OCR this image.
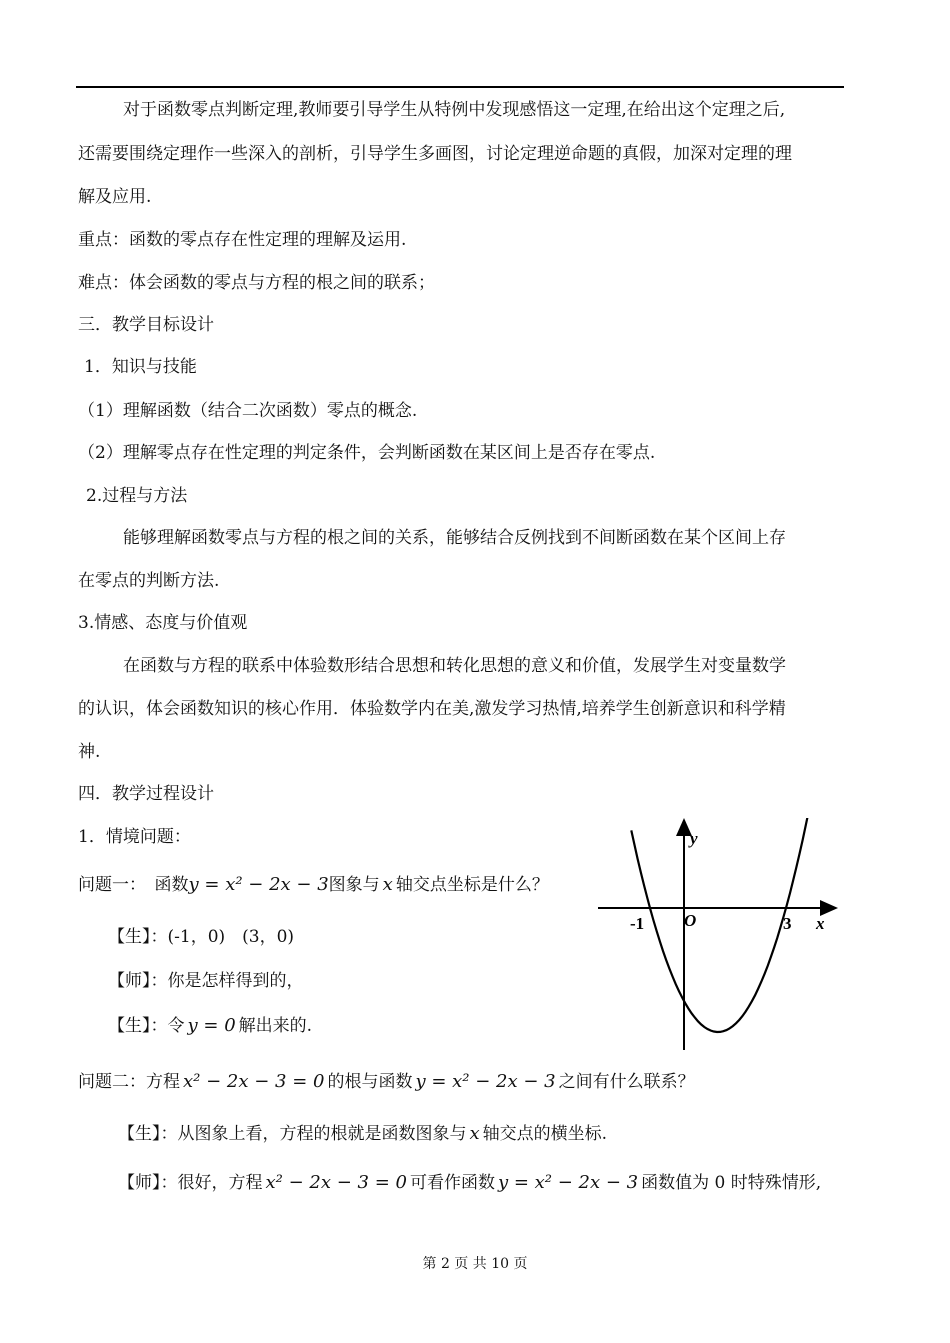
对于函数零点判断定理,教师要引导学生从特例中发现感悟这一定理,在给出这个定理之后,
还需要围绕定理作一些深入的剖析，引导学生多画图，讨论定理逆命题的真假，加深对定理的理
解及应用.
重点：函数的零点存在性定理的理解及运用.
难点：体会函数的零点与方程的根之间的联系；
三．教学目标设计
1．知识与技能
（1）理解函数（结合二次函数）零点的概念.
（2）理解零点存在性定理的判定条件，会判断函数在某区间上是否存在零点.
2.过程与方法
能够理解函数零点与方程的根之间的关系，能够结合反例找到不间断函数在某个区间上存
在零点的判断方法.
3.情感、态度与价值观
在函数与方程的联系中体验数形结合思想和转化思想的意义和价值，发展学生对变量数学
的认识，体会函数知识的核心作用．体验数学内在美,激发学习热情,培养学生创新意识和科学精
神.
四．教学过程设计
1．情境问题：
问题一：　函数y = x² − 2x − 3图象与 x 轴交点坐标是什么？
【生】：(-1，0)　(3，0)
【师】：你是怎样得到的，
【生】：令 y = 0 解出来的.
问题二：方程 x² − 2x − 3 = 0 的根与函数 y = x² − 2x − 3 之间有什么联系？
【生】：从图象上看，方程的根就是函数图象与 x 轴交点的横坐标.
【师】：很好，方程 x² − 2x − 3 = 0 可看作函数 y = x² − 2x − 3 函数值为 0 时特殊情形,
y
x
O
-1	3
第 2 页 共 10 页
